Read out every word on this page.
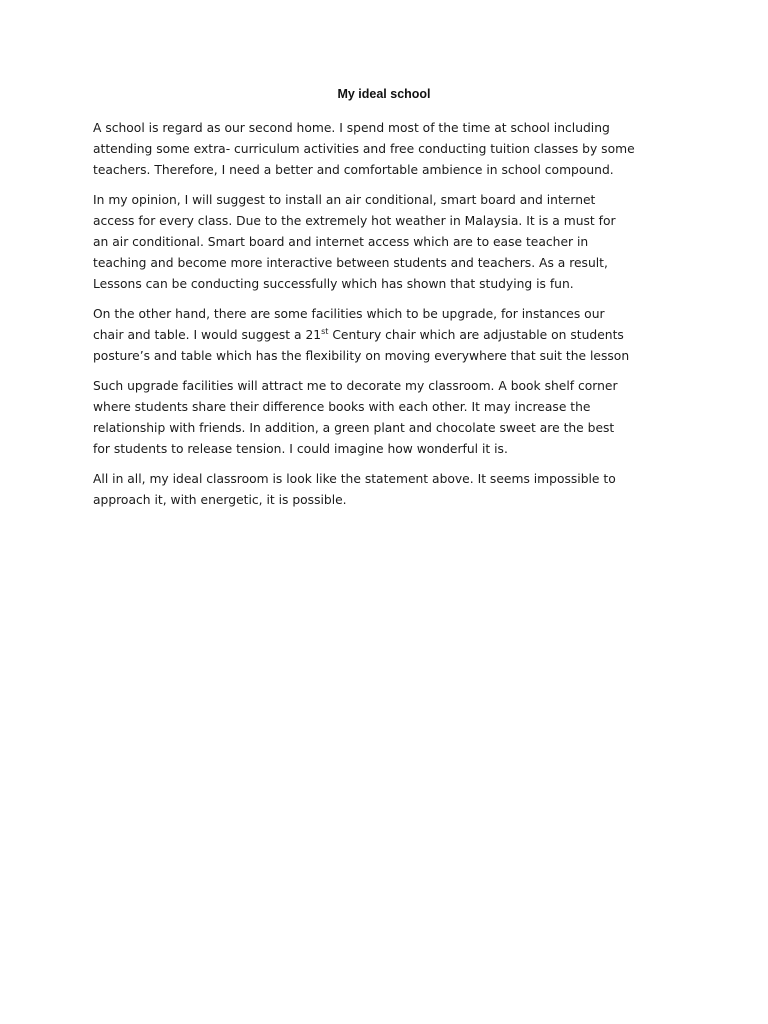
My ideal school
A school is regard as our second home. I spend most of the time at school including
attending some extra- curriculum activities and free conducting tuition classes by some
teachers. Therefore, I need a better and comfortable ambience in school compound.
In my opinion, I will suggest to install an air conditional, smart board and internet
access for every class. Due to the extremely hot weather in Malaysia. It is a must for
an air conditional. Smart board and internet access which are to ease teacher in
teaching and become more interactive between students and teachers. As a result,
Lessons can be conducting successfully which has shown that studying is fun.
On the other hand, there are some facilities which to be upgrade, for instances our
chair and table. I would suggest a 21st Century chair which are adjustable on students
posture’s and table which has the flexibility on moving everywhere that suit the lesson
Such upgrade facilities will attract me to decorate my classroom. A book shelf corner
where students share their difference books with each other. It may increase the
relationship with friends. In addition, a green plant and chocolate sweet are the best
for students to release tension. I could imagine how wonderful it is.
All in all, my ideal classroom is look like the statement above. It seems impossible to
approach it, with energetic, it is possible.
